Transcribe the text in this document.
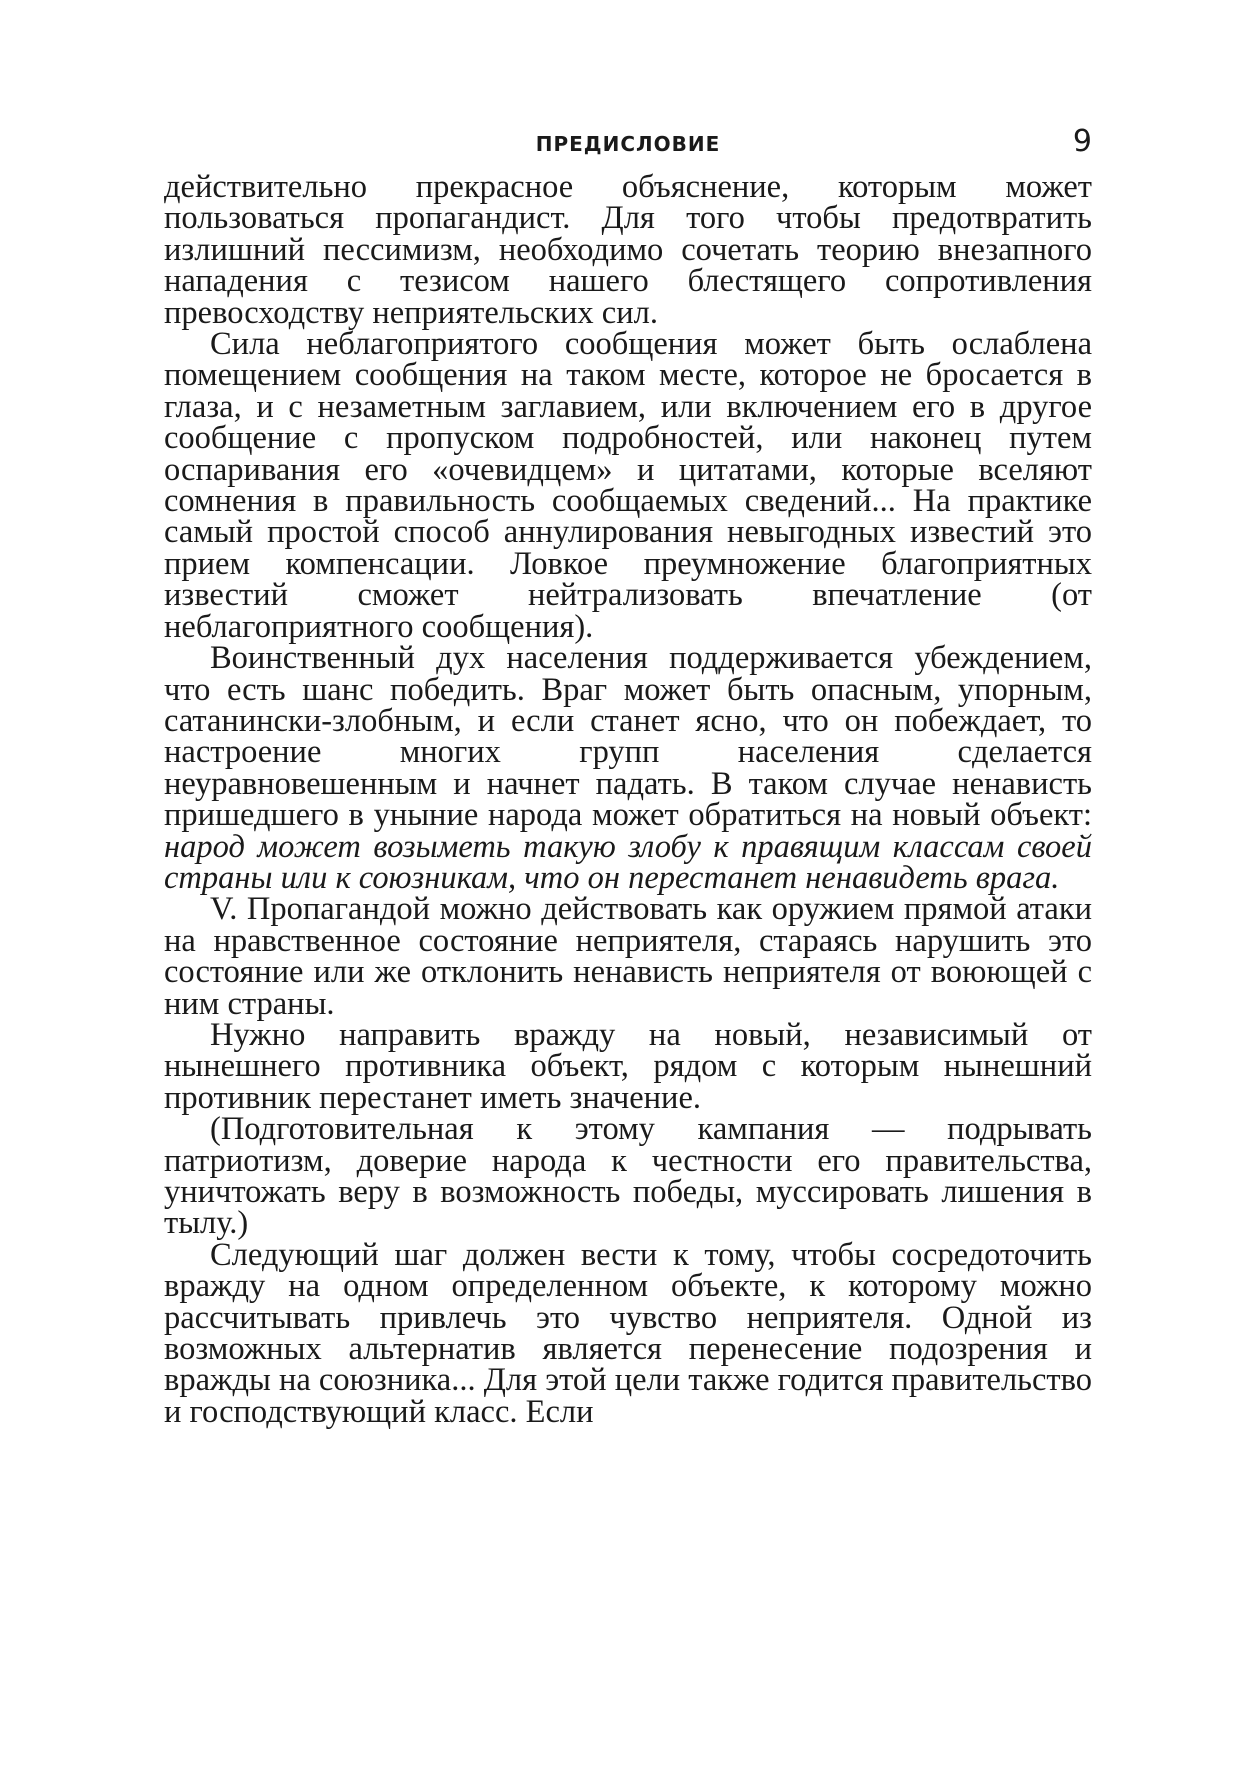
ПРЕДИСЛОВИЕ	9

действительно прекрасное объяснение, которым может пользоваться пропагандист. Для того чтобы предотвратить излишний пессимизм, необходимо сочетать теорию внезапного нападения с тезисом нашего блестящего сопротивления превосходству неприятельских сил.

Сила неблагоприятого сообщения может быть ослаблена помещением сообщения на таком месте, которое не бросается в глаза, и с незаметным заглавием, или включением его в другое сообщение с пропуском подробностей, или наконец путем оспаривания его «очевидцем» и цитатами, которые вселяют сомнения в правильность сообщаемых сведений... На практике самый простой способ аннулирования невыгодных известий это прием компенсации. Ловкое преумножение благоприятных известий сможет нейтрализовать впечатление (от неблагоприятного сообщения).

Воинственный дух населения поддерживается убеждением, что есть шанс победить. Враг может быть опасным, упорным, сатанински-злобным, и если станет ясно, что он побеждает, то настроение многих групп населения сделается неуравновешенным и начнет падать. В таком случае ненависть пришедшего в уныние народа может обратиться на новый объект: народ может возыметь такую злобу к правящим классам своей страны или к союзникам, что он перестанет ненавидеть врага.

V. Пропагандой можно действовать как оружием прямой атаки на нравственное состояние неприятеля, стараясь нарушить это состояние или же отклонить ненависть неприятеля от воюющей с ним страны.

Нужно направить вражду на новый, независимый от нынешнего противника объект, рядом с которым нынешний противник перестанет иметь значение.

(Подготовительная к этому кампания — подрывать патриотизм, доверие народа к честности его правительства, уничтожать веру в возможность победы, муссировать лишения в тылу.)

Следующий шаг должен вести к тому, чтобы сосредоточить вражду на одном определенном объекте, к которому можно рассчитывать привлечь это чувство неприятеля. Одной из возможных альтернатив является перенесение подозрения и вражды на союзника... Для этой цели также годится правительство и господствующий класс. Если
